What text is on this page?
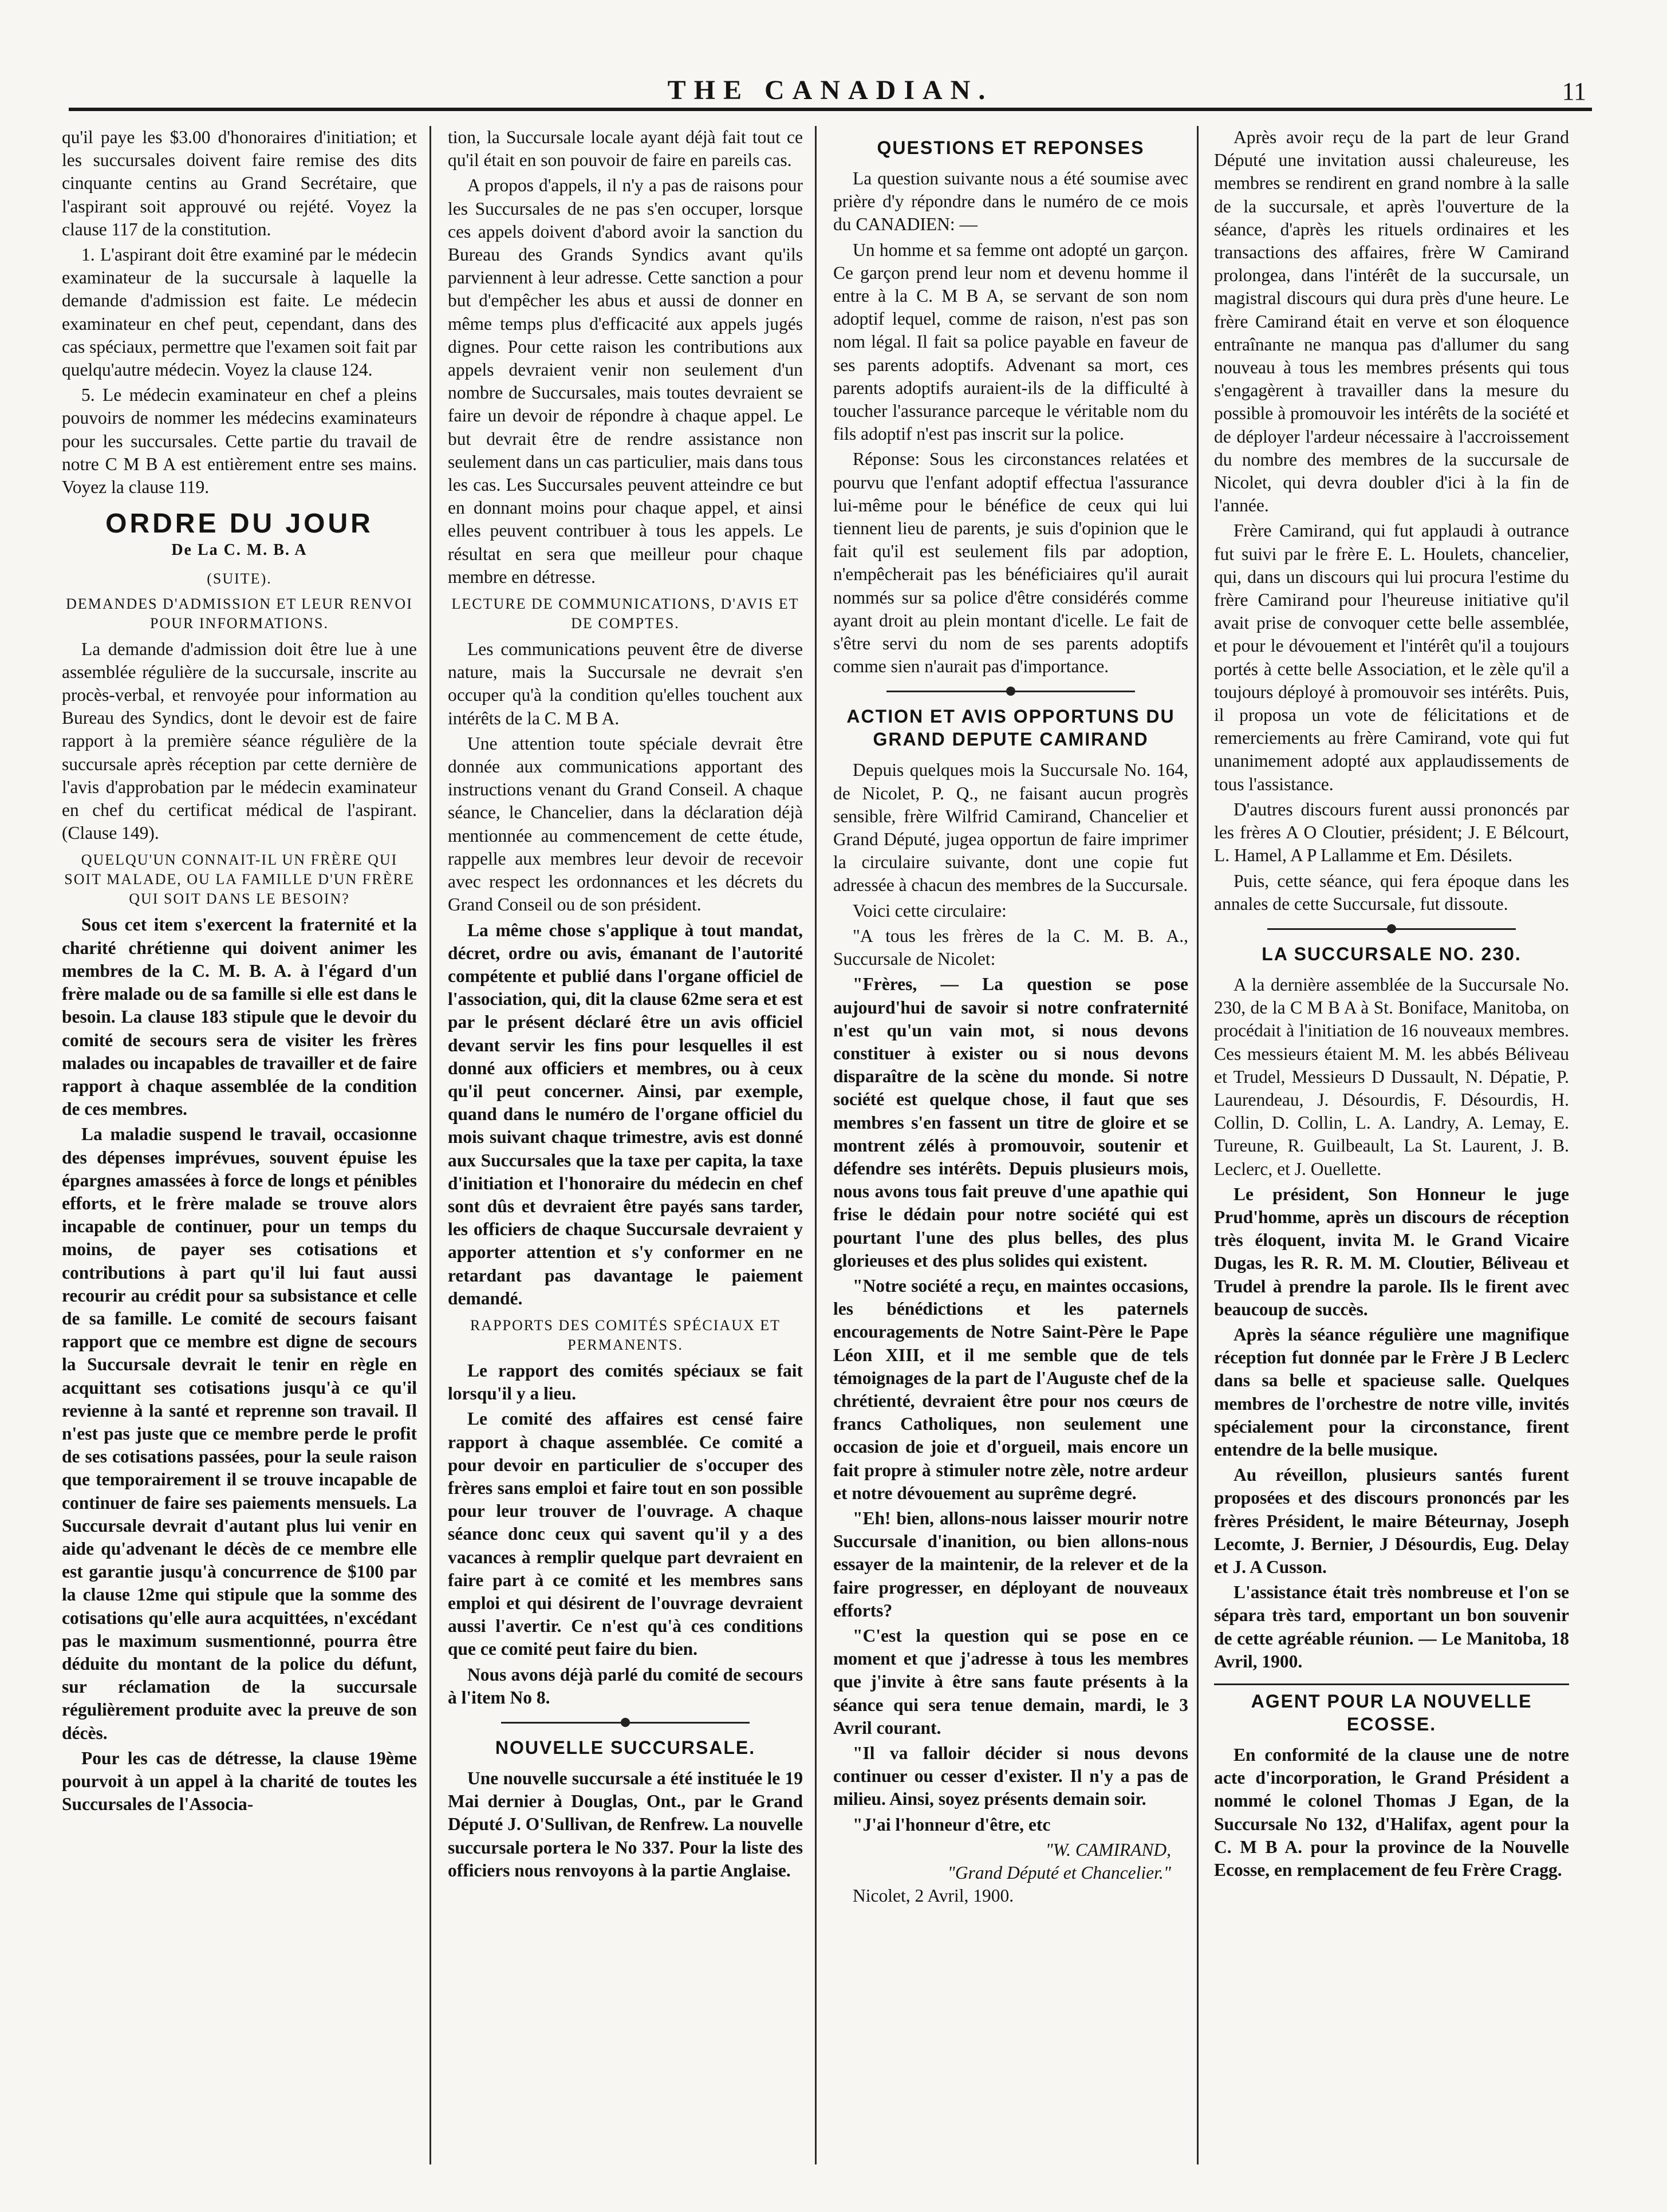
THE CANADIAN.	11

qu'il paye les $3.00 d'honoraires d'initiation; et les succursales doivent faire remise des dits cinquante centins au Grand Secrétaire, que l'aspirant soit approuvé ou rejété. Voyez la clause 117 de la constitution.

1. L'aspirant doit être examiné par le médecin examinateur de la succursale à laquelle la demande d'admission est faite. Le médecin examinateur en chef peut, cependant, dans des cas spéciaux, permettre que l'examen soit fait par quelqu'autre médecin. Voyez la clause 124.

5. Le médecin examinateur en chef a pleins pouvoirs de nommer les médecins examinateurs pour les succursales. Cette partie du travail de notre C M B A est entièrement entre ses mains. Voyez la clause 119.

ORDRE DU JOUR
De La C. M. B. A
(SUITE).
DEMANDES D'ADMISSION ET LEUR RENVOI POUR INFORMATIONS.

La demande d'admission doit être lue à une assemblée régulière de la succursale, inscrite au procès-verbal, et renvoyée pour information au Bureau des Syndics, dont le devoir est de faire rapport à la première séance régulière de la succursale après réception par cette dernière de l'avis d'approbation par le médecin examinateur en chef du certificat médical de l'aspirant. (Clause 149).

QUELQU'UN CONNAIT-IL UN FRÈRE QUI SOIT MALADE, OU LA FAMILLE D'UN FRÈRE QUI SOIT DANS LE BESOIN?

Sous cet item s'exercent la fraternité et la charité chrétienne qui doivent animer les membres de la C. M. B. A. à l'égard d'un frère malade ou de sa famille si elle est dans le besoin. La clause 183 stipule que le devoir du comité de secours sera de visiter les frères malades ou incapables de travailler et de faire rapport à chaque assemblée de la condition de ces membres.

La maladie suspend le travail, occasionne des dépenses imprévues, souvent épuise les épargnes amassées à force de longs et pénibles efforts, et le frère malade se trouve alors incapable de continuer, pour un temps du moins, de payer ses cotisations et contributions à part qu'il lui faut aussi recourir au crédit pour sa subsistance et celle de sa famille. Le comité de secours faisant rapport que ce membre est digne de secours la Succursale devrait le tenir en règle en acquittant ses cotisations jusqu'à ce qu'il revienne à la santé et reprenne son travail. Il n'est pas juste que ce membre perde le profit de ses cotisations passées, pour la seule raison que temporairement il se trouve incapable de continuer de faire ses paiements mensuels. La Succursale devrait d'autant plus lui venir en aide qu'advenant le décès de ce membre elle est garantie jusqu'à concurrence de $100 par la clause 12me qui stipule que la somme des cotisations qu'elle aura acquittées, n'excédant pas le maximum susmentionné, pourra être déduite du montant de la police du défunt, sur réclamation de la succursale régulièrement produite avec la preuve de son décès.

Pour les cas de détresse, la clause 19ème pourvoit à un appel à la charité de toutes les Succursales de l'Associa-

tion, la Succursale locale ayant déjà fait tout ce qu'il était en son pouvoir de faire en pareils cas.

A propos d'appels, il n'y a pas de raisons pour les Succursales de ne pas s'en occuper, lorsque ces appels doivent d'abord avoir la sanction du Bureau des Grands Syndics avant qu'ils parviennent à leur adresse. Cette sanction a pour but d'empêcher les abus et aussi de donner en même temps plus d'efficacité aux appels jugés dignes. Pour cette raison les contributions aux appels devraient venir non seulement d'un nombre de Succursales, mais toutes devraient se faire un devoir de répondre à chaque appel. Le but devrait être de rendre assistance non seulement dans un cas particulier, mais dans tous les cas. Les Succursales peuvent atteindre ce but en donnant moins pour chaque appel, et ainsi elles peuvent contribuer à tous les appels. Le résultat en sera que meilleur pour chaque membre en détresse.

LECTURE DE COMMUNICATIONS, D'AVIS ET DE COMPTES.

Les communications peuvent être de diverse nature, mais la Succursale ne devrait s'en occuper qu'à la condition qu'elles touchent aux intérêts de la C. M B A.

Une attention toute spéciale devrait être donnée aux communications apportant des instructions venant du Grand Conseil. A chaque séance, le Chancelier, dans la déclaration déjà mentionnée au commencement de cette étude, rappelle aux membres leur devoir de recevoir avec respect les ordonnances et les décrets du Grand Conseil ou de son président.

La même chose s'applique à tout mandat, décret, ordre ou avis, émanant de l'autorité compétente et publié dans l'organe officiel de l'association, qui, dit la clause 62me sera et est par le présent déclaré être un avis officiel devant servir les fins pour lesquelles il est donné aux officiers et membres, ou à ceux qu'il peut concerner. Ainsi, par exemple, quand dans le numéro de l'organe officiel du mois suivant chaque trimestre, avis est donné aux Succursales que la taxe per capita, la taxe d'initiation et l'honoraire du médecin en chef sont dûs et devraient être payés sans tarder, les officiers de chaque Succursale devraient y apporter attention et s'y conformer en ne retardant pas davantage le paiement demandé.

RAPPORTS DES COMITÉS SPÉCIAUX ET PERMANENTS.

Le rapport des comités spéciaux se fait lorsqu'il y a lieu.

Le comité des affaires est censé faire rapport à chaque assemblée. Ce comité a pour devoir en particulier de s'occuper des frères sans emploi et faire tout en son possible pour leur trouver de l'ouvrage. A chaque séance donc ceux qui savent qu'il y a des vacances à remplir quelque part devraient en faire part à ce comité et les membres sans emploi et qui désirent de l'ouvrage devraient aussi l'avertir. Ce n'est qu'à ces conditions que ce comité peut faire du bien.

Nous avons déjà parlé du comité de secours à l'item No 8.

NOUVELLE SUCCURSALE.

Une nouvelle succursale a été instituée le 19 Mai dernier à Douglas, Ont., par le Grand Député J. O'Sullivan, de Renfrew. La nouvelle succursale portera le No 337. Pour la liste des officiers nous renvoyons à la partie Anglaise.

QUESTIONS ET REPONSES

La question suivante nous a été soumise avec prière d'y répondre dans le numéro de ce mois du CANADIEN: —

Un homme et sa femme ont adopté un garçon. Ce garçon prend leur nom et devenu homme il entre à la C. M B A, se servant de son nom adoptif lequel, comme de raison, n'est pas son nom légal. Il fait sa police payable en faveur de ses parents adoptifs. Advenant sa mort, ces parents adoptifs auraient-ils de la difficulté à toucher l'assurance parceque le véritable nom du fils adoptif n'est pas inscrit sur la police.

Réponse: Sous les circonstances relatées et pourvu que l'enfant adoptif effectua l'assurance lui-même pour le bénéfice de ceux qui lui tiennent lieu de parents, je suis d'opinion que le fait qu'il est seulement fils par adoption, n'empêcherait pas les bénéficiaires qu'il aurait nommés sur sa police d'être considérés comme ayant droit au plein montant d'icelle. Le fait de s'être servi du nom de ses parents adoptifs comme sien n'aurait pas d'importance.

ACTION ET AVIS OPPORTUNS DU GRAND DEPUTE CAMIRAND

Depuis quelques mois la Succursale No. 164, de Nicolet, P. Q., ne faisant aucun progrès sensible, frère Wilfrid Camirand, Chancelier et Grand Député, jugea opportun de faire imprimer la circulaire suivante, dont une copie fut adressée à chacun des membres de la Succursale.

Voici cette circulaire:

"A tous les frères de la C. M. B. A., Succursale de Nicolet:

"Frères, — La question se pose aujourd'hui de savoir si notre confraternité n'est qu'un vain mot, si nous devons constituer à exister ou si nous devons disparaître de la scène du monde. Si notre société est quelque chose, il faut que ses membres s'en fassent un titre de gloire et se montrent zélés à promouvoir, soutenir et défendre ses intérêts. Depuis plusieurs mois, nous avons tous fait preuve d'une apathie qui frise le dédain pour notre société qui est pourtant l'une des plus belles, des plus glorieuses et des plus solides qui existent.

"Notre société a reçu, en maintes occasions, les bénédictions et les paternels encouragements de Notre Saint-Père le Pape Léon XIII, et il me semble que de tels témoignages de la part de l'Auguste chef de la chrétienté, devraient être pour nos cœurs de francs Catholiques, non seulement une occasion de joie et d'orgueil, mais encore un fait propre à stimuler notre zèle, notre ardeur et notre dévouement au suprême degré.

"Eh! bien, allons-nous laisser mourir notre Succursale d'inanition, ou bien allons-nous essayer de la maintenir, de la relever et de la faire progresser, en déployant de nouveaux efforts?

"C'est la question qui se pose en ce moment et que j'adresse à tous les membres que j'invite à être sans faute présents à la séance qui sera tenue demain, mardi, le 3 Avril courant.

"Il va falloir décider si nous devons continuer ou cesser d'exister. Il n'y a pas de milieu. Ainsi, soyez présents demain soir.

"J'ai l'honneur d'être, etc

"W. CAMIRAND,
"Grand Député et Chancelier."

Nicolet, 2 Avril, 1900.

Après avoir reçu de la part de leur Grand Député une invitation aussi chaleureuse, les membres se rendirent en grand nombre à la salle de la succursale, et après l'ouverture de la séance, d'après les rituels ordinaires et les transactions des affaires, frère W Camirand prolongea, dans l'intérêt de la succursale, un magistral discours qui dura près d'une heure. Le frère Camirand était en verve et son éloquence entraînante ne manqua pas d'allumer du sang nouveau à tous les membres présents qui tous s'engagèrent à travailler dans la mesure du possible à promouvoir les intérêts de la société et de déployer l'ardeur nécessaire à l'accroissement du nombre des membres de la succursale de Nicolet, qui devra doubler d'ici à la fin de l'année.

Frère Camirand, qui fut applaudi à outrance fut suivi par le frère E. L. Houlets, chancelier, qui, dans un discours qui lui procura l'estime du frère Camirand pour l'heureuse initiative qu'il avait prise de convoquer cette belle assemblée, et pour le dévouement et l'intérêt qu'il a toujours portés à cette belle Association, et le zèle qu'il a toujours déployé à promouvoir ses intérêts. Puis, il proposa un vote de félicitations et de remerciements au frère Camirand, vote qui fut unanimement adopté aux applaudissements de tous l'assistance.

D'autres discours furent aussi prononcés par les frères A O Cloutier, président; J. E Bélcourt, L. Hamel, A P Lallamme et Em. Désilets.

Puis, cette séance, qui fera époque dans les annales de cette Succursale, fut dissoute.

LA SUCCURSALE NO. 230.

A la dernière assemblée de la Succursale No. 230, de la C M B A à St. Boniface, Manitoba, on procédait à l'initiation de 16 nouveaux membres. Ces messieurs étaient M. M. les abbés Béliveau et Trudel, Messieurs D Dussault, N. Dépatie, P. Laurendeau, J. Désourdis, F. Désourdis, H. Collin, D. Collin, L. A. Landry, A. Lemay, E. Tureune, R. Guilbeault, La St. Laurent, J. B. Leclerc, et J. Ouellette.

Le président, Son Honneur le juge Prud'homme, après un discours de réception très éloquent, invita M. le Grand Vicaire Dugas, les R. R. M. M. Cloutier, Béliveau et Trudel à prendre la parole. Ils le firent avec beaucoup de succès.

Après la séance régulière une magnifique réception fut donnée par le Frère J B Leclerc dans sa belle et spacieuse salle. Quelques membres de l'orchestre de notre ville, invités spécialement pour la circonstance, firent entendre de la belle musique.

Au réveillon, plusieurs santés furent proposées et des discours prononcés par les frères Président, le maire Béteurnay, Joseph Lecomte, J. Bernier, J Désourdis, Eug. Delay et J. A Cusson.

L'assistance était très nombreuse et l'on se sépara très tard, emportant un bon souvenir de cette agréable réunion. — Le Manitoba, 18 Avril, 1900.

AGENT POUR LA NOUVELLE ECOSSE.

En conformité de la clause une de notre acte d'incorporation, le Grand Président a nommé le colonel Thomas J Egan, de la Succursale No 132, d'Halifax, agent pour la C. M B A. pour la province de la Nouvelle Ecosse, en remplacement de feu Frère Cragg.
